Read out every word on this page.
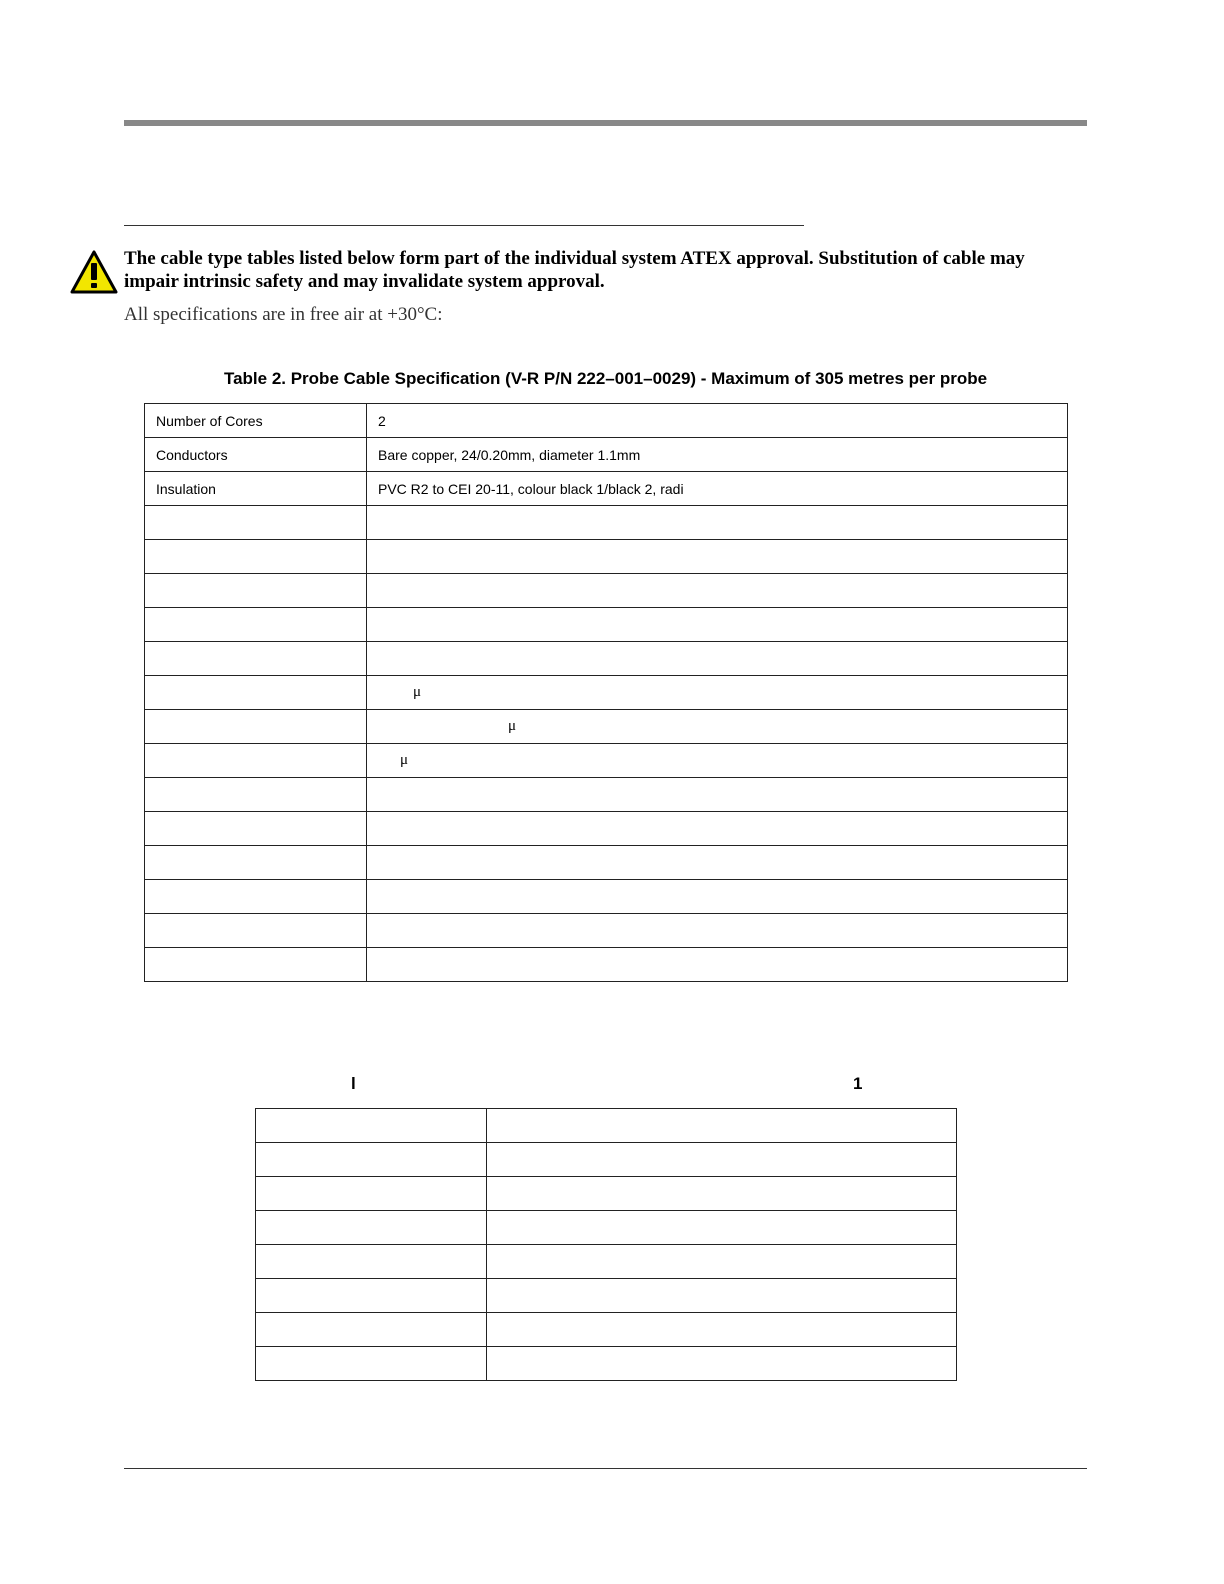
The cable type tables listed below form part of the individual system ATEX approval. Substitution of cable may impair intrinsic safety and may invalidate system approval.

All specifications are in free air at +30°C:

Table 2. Probe Cable Specification (V-R P/N 222–001–0029) - Maximum of 305 metres per probe

Number of Cores	2
Conductors	Bare copper, 24/0.20mm, diameter 1.1mm
Insulation	PVC R2 to CEI 20-11, colour black 1/black 2, radi

	μ
	μ
	μ

l	1
